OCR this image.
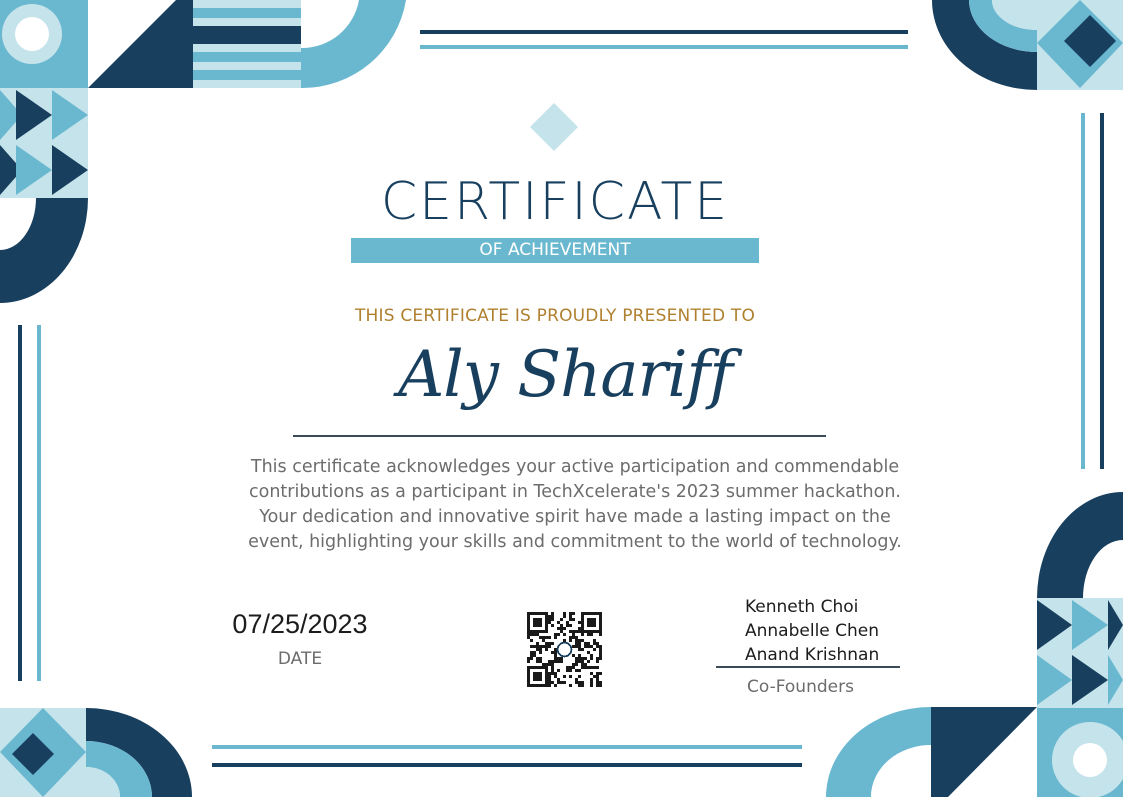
CERTIFICATE
OF ACHIEVEMENT
THIS CERTIFICATE IS PROUDLY PRESENTED TO
Aly Shariff

This certificate acknowledges your active participation and commendable contributions as a participant in TechXcelerate's 2023 summer hackathon. Your dedication and innovative spirit have made a lasting impact on the event, highlighting your skills and commitment to the world of technology.

07/25/2023
DATE
Kenneth Choi
Annabelle Chen
Anand Krishnan
Co-Founders
